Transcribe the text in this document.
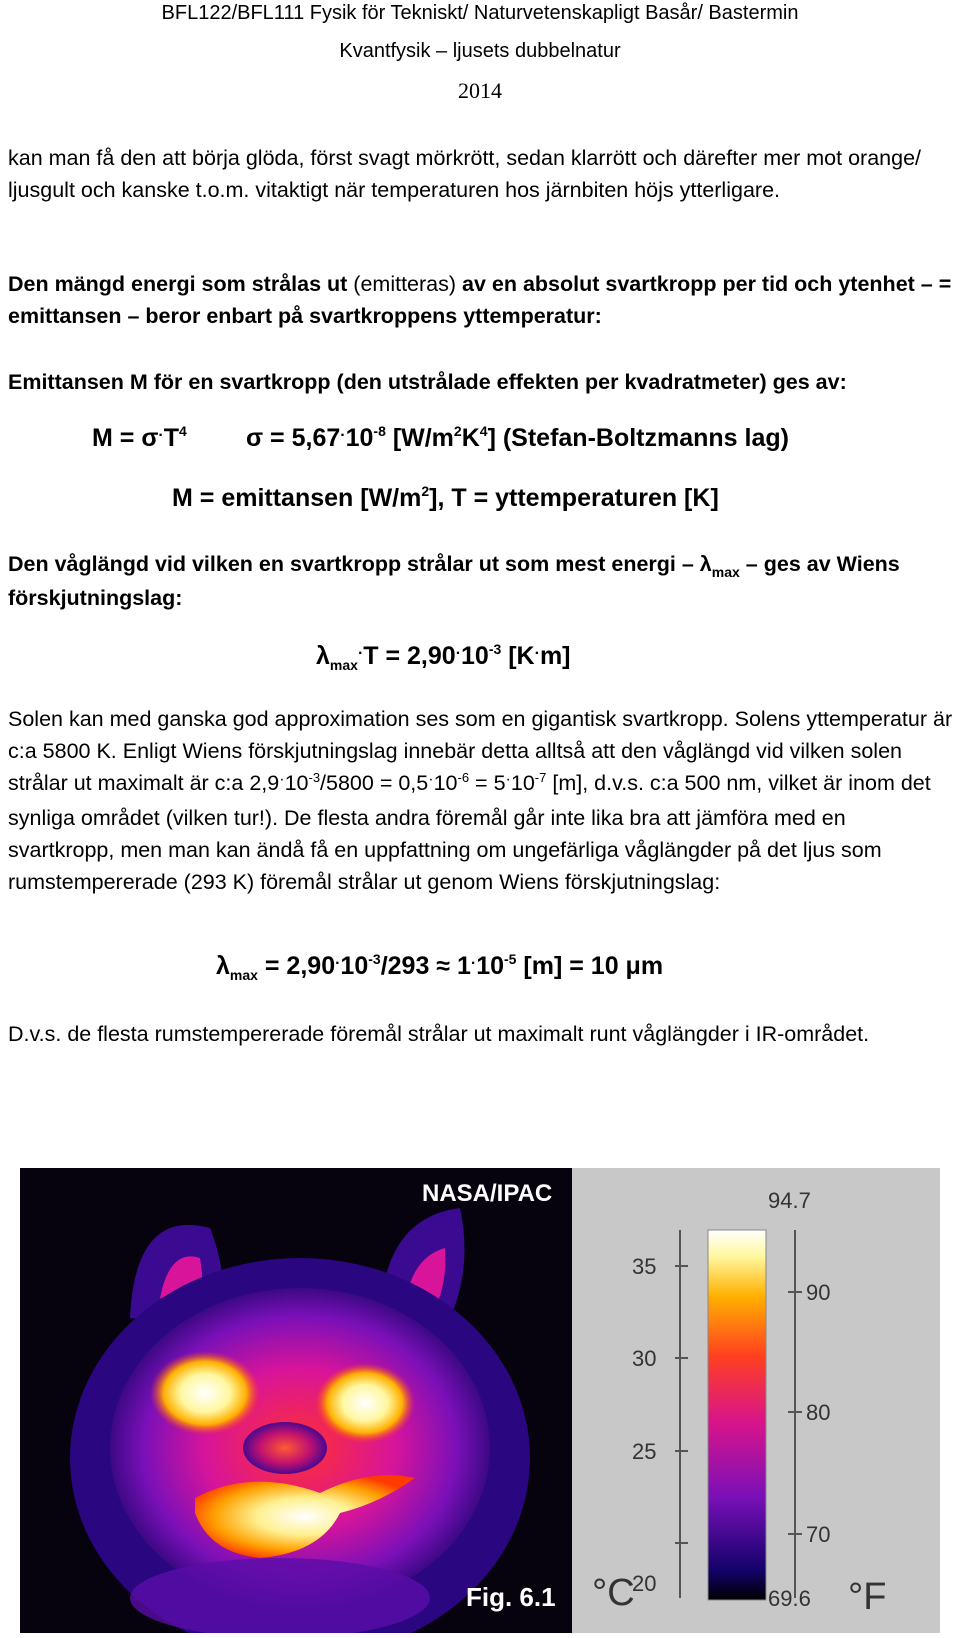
BFL122/BFL111 Fysik för Tekniskt/ Naturvetenskapligt Basår/ Bastermin
Kvantfysik – ljusets dubbelnatur
2014
kan man få den att börja glöda, först svagt mörkrött, sedan klarrött och därefter mer mot orange/ ljusgult och kanske t.o.m. vitaktigt när temperaturen hos järnbiten höjs ytterligare.
Den mängd energi som strålas ut (emitteras) av en absolut svartkropp per tid och ytenhet – = emittansen – beror enbart på svartkroppens yttemperatur:
Emittansen M för en svartkropp (den utstrålade effekten per kvadratmeter) ges av:
$M = \sigma^\cdot T^4$ $\sigma = 5,67^\cdot 10^{-8}$ $[W/m^2K^4]$ (Stefan-Boltzmanns lag)
M = emittansen $[W/m^2]$, T = yttemperaturen [K]
Den våglängd vid vilken en svartkropp strålar ut som mest energi – $\lambda_{max}$ – ges av Wiens förskjutningslag:
$\lambda_{max}^\cdot T = 2,90^\cdot 10^{-3}$ [K·m]
Solen kan med ganska god approximation ses som en gigantisk svartkropp. Solens yttemperatur är c:a 5800 K. Enligt Wiens förskjutningslag innebär detta alltså att den våglängd vid vilken solen strålar ut maximalt är c:a $2,9^\cdot 10^{-3}/5800 = 0,5^\cdot 10^{-6} = 5^\cdot 10^{-7}$ [m], d.v.s. c:a 500 nm, vilket är inom det synliga området (vilken tur!). De flesta andra föremål går inte lika bra att jämföra med en svartkropp, men man kan ändå få en uppfattning om ungefärliga våglängder på det ljus som rumstempererade (293 K) föremål strålar ut genom Wiens förskjutningslag:
$\lambda_{max} = 2,90^\cdot 10^{-3}/293 \approx 1^\cdot 10^{-5}$ [m] = 10 μm
D.v.s. de flesta rumstempererade föremål strålar ut maximalt runt våglängder i IR-området.
NASA/IPAC
35
30
25
20
94.7
90
80
70
69.6
°C	°F
Fig. 6.1
